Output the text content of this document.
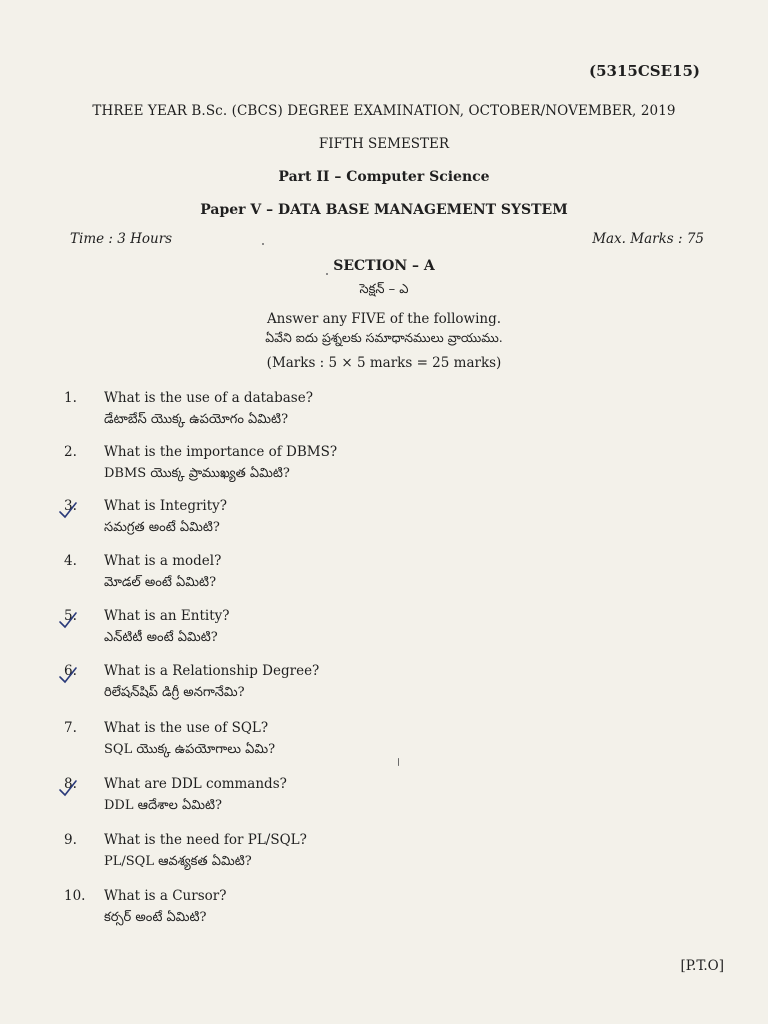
(5315CSE15)
THREE YEAR B.Sc. (CBCS) DEGREE EXAMINATION, OCTOBER/NOVEMBER, 2019
FIFTH SEMESTER
Part II – Computer Science
Paper V – DATA BASE MANAGEMENT SYSTEM
Time : 3 Hours	Max. Marks : 75
SECTION – A
సెక్షన్ – ఎ
Answer any FIVE of the following.
ఏవేని ఐదు ప్రశ్నలకు సమాధానములు వ్రాయుము.
(Marks : 5 × 5 marks = 25 marks)
1.	What is the use of a database?
డేటాబేస్ యొక్క ఉపయోగం ఏమిటి?
2.	What is the importance of DBMS?
DBMS యొక్క ప్రాముఖ్యత ఏమిటి?
3.	What is Integrity?
సమగ్రత అంటే ఏమిటి?
4.	What is a model?
మోడల్ అంటే ఏమిటి?
5.	What is an Entity?
ఎన్‌టిటీ అంటే ఏమిటి?
6.	What is a Relationship Degree?
రిలేషన్‌షిప్ డిగ్రీ అనగానేమి?
7.	What is the use of SQL?
SQL యొక్క ఉపయోగాలు ఏమి?
8.	What are DDL commands?
DDL ఆదేశాల ఏమిటి?
9.	What is the need for PL/SQL?
PL/SQL ఆవశ్యకత ఏమిటి?
10.	What is a Cursor?
కర్సర్ అంటే ఏమిటి?
[P.T.O]
